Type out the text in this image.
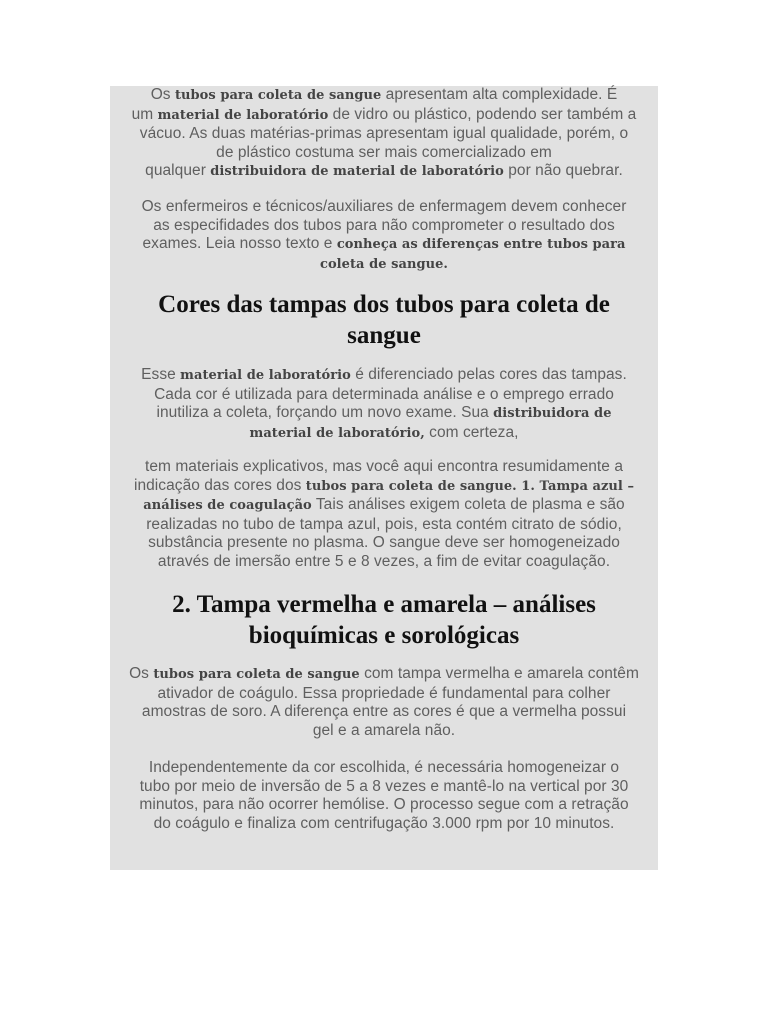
Os tubos para coleta de sangue apresentam alta complexidade. É
um material de laboratório de vidro ou plástico, podendo ser também a
vácuo. As duas matérias-primas apresentam igual qualidade, porém, o
de plástico costuma ser mais comercializado em
qualquer distribuidora de material de laboratório por não quebrar.

Os enfermeiros e técnicos/auxiliares de enfermagem devem conhecer
as especifidades dos tubos para não comprometer o resultado dos
exames. Leia nosso texto e conheça as diferenças entre tubos para
coleta de sangue.

Cores das tampas dos tubos para coleta de
sangue

Esse material de laboratório é diferenciado pelas cores das tampas.
Cada cor é utilizada para determinada análise e o emprego errado
inutiliza a coleta, forçando um novo exame. Sua distribuidora de
material de laboratório, com certeza,

tem materiais explicativos, mas você aqui encontra resumidamente a
indicação das cores dos tubos para coleta de sangue. 1. Tampa azul –
análises de coagulação Tais análises exigem coleta de plasma e são
realizadas no tubo de tampa azul, pois, esta contém citrato de sódio,
substância presente no plasma. O sangue deve ser homogeneizado
através de imersão entre 5 e 8 vezes, a fim de evitar coagulação.

2. Tampa vermelha e amarela – análises
bioquímicas e sorológicas

Os tubos para coleta de sangue com tampa vermelha e amarela contêm
ativador de coágulo. Essa propriedade é fundamental para colher
amostras de soro. A diferença entre as cores é que a vermelha possui
gel e a amarela não.

Independentemente da cor escolhida, é necessária homogeneizar o
tubo por meio de inversão de 5 a 8 vezes e mantê-lo na vertical por 30
minutos, para não ocorrer hemólise. O processo segue com a retração
do coágulo e finaliza com centrifugação 3.000 rpm por 10 minutos.
